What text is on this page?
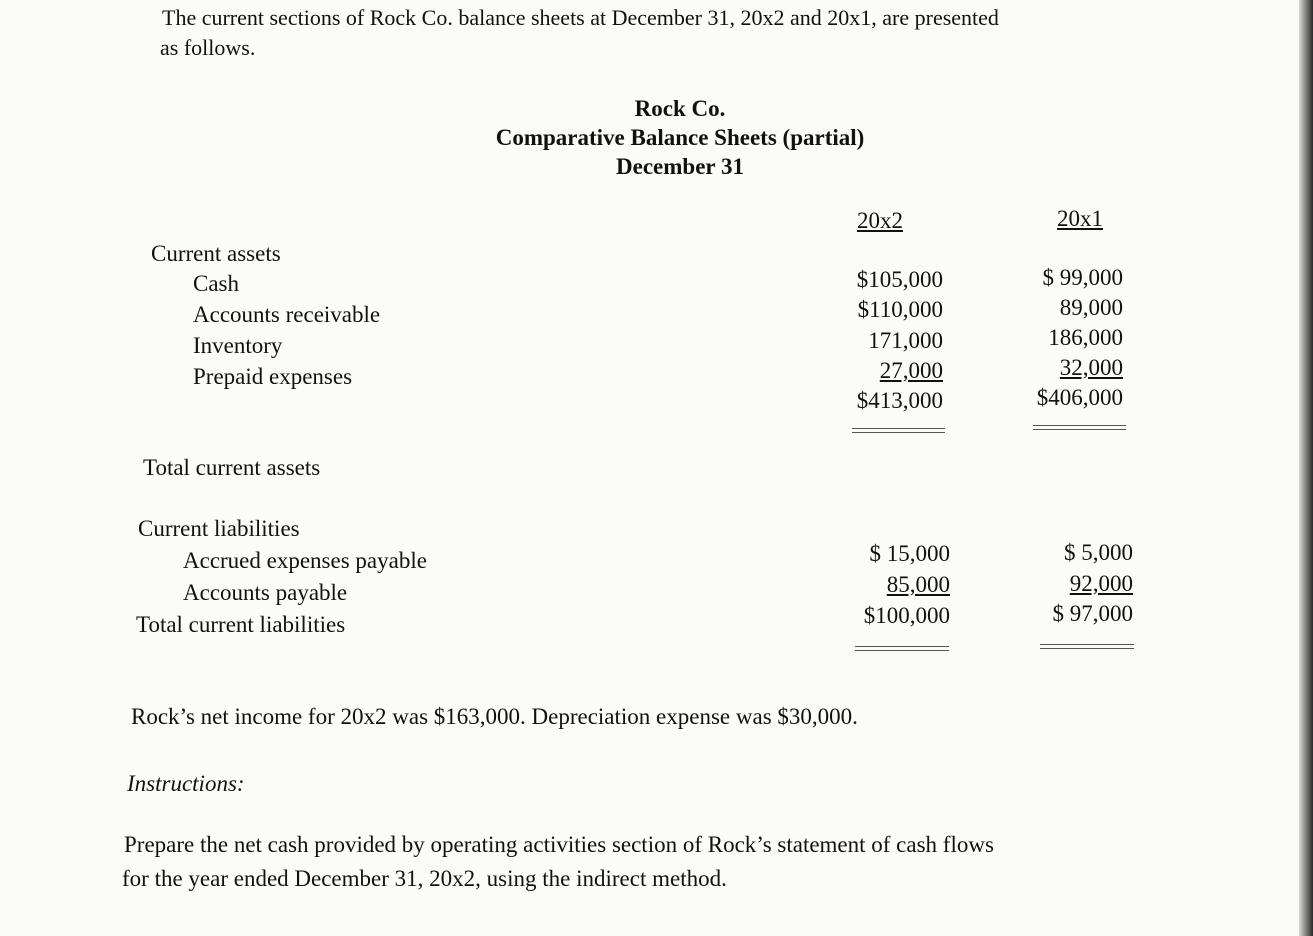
The current sections of Rock Co. balance sheets at December 31, 20x2 and 20x1, are presented
as follows.
Rock Co.
Comparative Balance Sheets (partial)
December 31
20x2	20x1
Current assets
Cash
Accounts receivable
Inventory
Prepaid expenses
$105,000
$110,000
171,000
27,000
$413,000
$ 99,000
89,000
186,000
32,000
$406,000
Total current assets
Current liabilities
Accrued expenses payable
Accounts payable
Total current liabilities
$ 15,000
85,000
$100,000
$ 5,000
92,000
$ 97,000
Rock’s net income for 20x2 was $163,000. Depreciation expense was $30,000.
Instructions:
Prepare the net cash provided by operating activities section of Rock’s statement of cash flows
for the year ended December 31, 20x2, using the indirect method.
